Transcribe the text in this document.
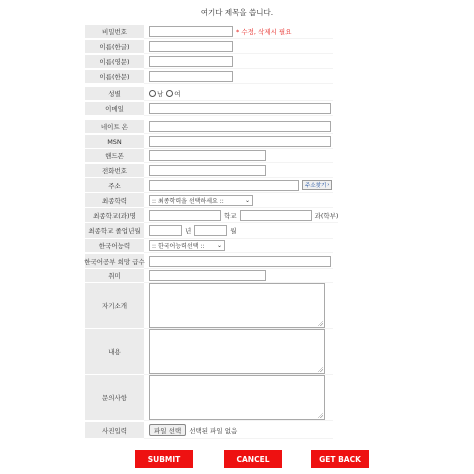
여기다 제목을 씁니다.
비밀번호	* 수정, 삭제시 필요
이름(한글)
이름(영문)
이름(한문)
성별	남 여
이메일
네이트 온
MSN
핸드폰
전화번호
주소	주소찾기 ›
최종학력	:: 최종학력을 선택하세요 ::	⌄
최종학교(과)명	학교	과(학부)
최종학교 졸업년월	년	월
한국어능력	:: 한국어능력선택 :: ⌄
한국어공부 희망 급수
취미
자기소개
내용
문의사항
사진입력	파일 선택	선택된 파일 없음
SUBMIT	CANCEL	GET BACK
